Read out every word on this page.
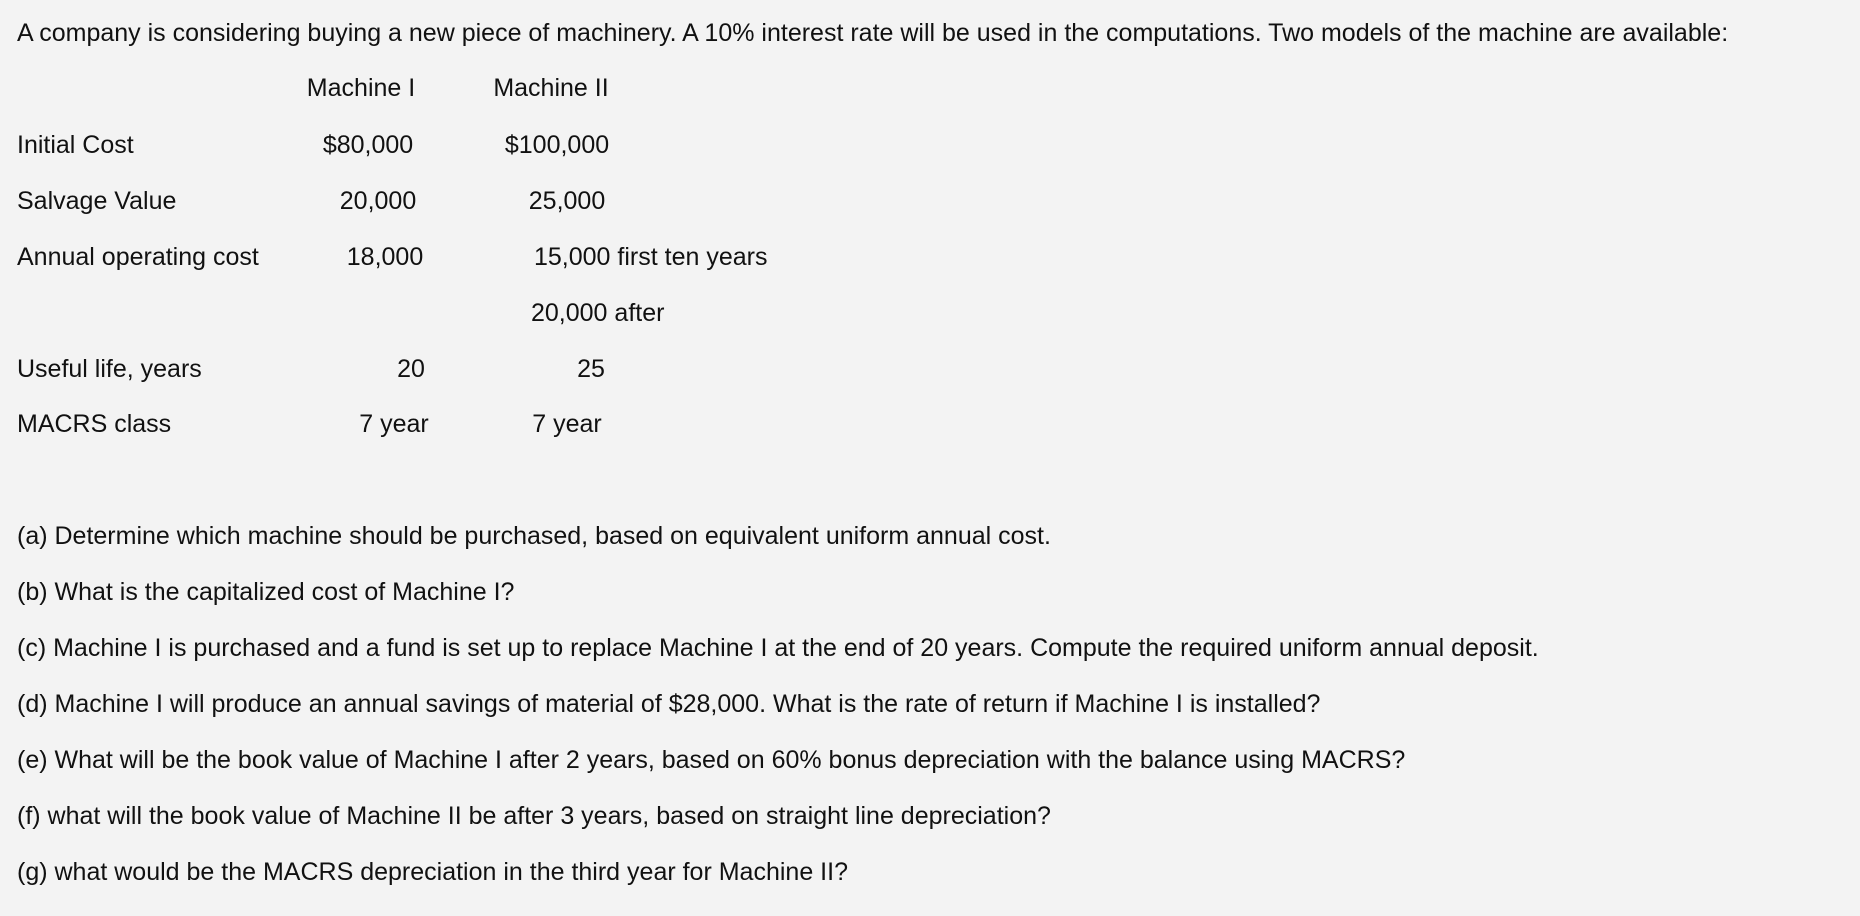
A company is considering buying a new piece of machinery. A 10% interest rate will be used in the computations. Two models of the machine are available:
Machine I	Machine II
Initial Cost	$80,000	$100,000
Salvage Value	20,000	25,000
Annual operating cost	18,000	15,000 first ten years
20,000 after
Useful life, years	20	25
MACRS class	7 year	7 year
(a) Determine which machine should be purchased, based on equivalent uniform annual cost.
(b) What is the capitalized cost of Machine I?
(c) Machine I is purchased and a fund is set up to replace Machine I at the end of 20 years. Compute the required uniform annual deposit.
(d) Machine I will produce an annual savings of material of $28,000. What is the rate of return if Machine I is installed?
(e) What will be the book value of Machine I after 2 years, based on 60% bonus depreciation with the balance using MACRS?
(f) what will the book value of Machine II be after 3 years, based on straight line depreciation?
(g) what would be the MACRS depreciation in the third year for Machine II?
